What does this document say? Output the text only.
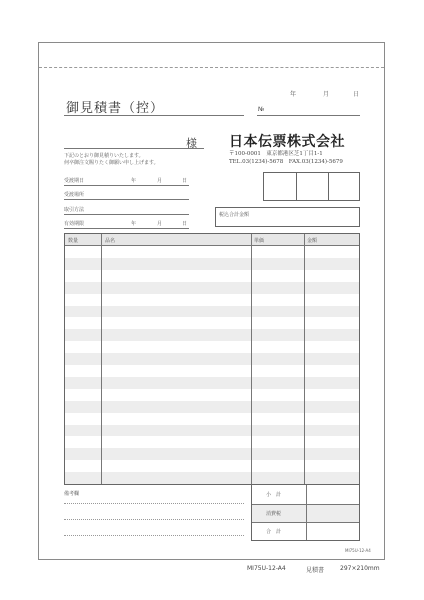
年	月	日
御見積書（控）	№
様
下記のとおり御見積りいたします。
何卒御注文賜りたく御願い申し上げます。
受渡期日	年	月	日
受渡場所
取引方法
有効期限	年	月	日
日本伝票株式会社
〒100-0001　東京都港区芝1丁目1-1
TEL.03(1234)-5678　FAX.03(1234)-5679
税込合計金額
数量	品名	単価	金額
備考欄	小　計
消費税
合　計
MI75U-12-A4
MI75U-12-A4	見積書	297×210mm
